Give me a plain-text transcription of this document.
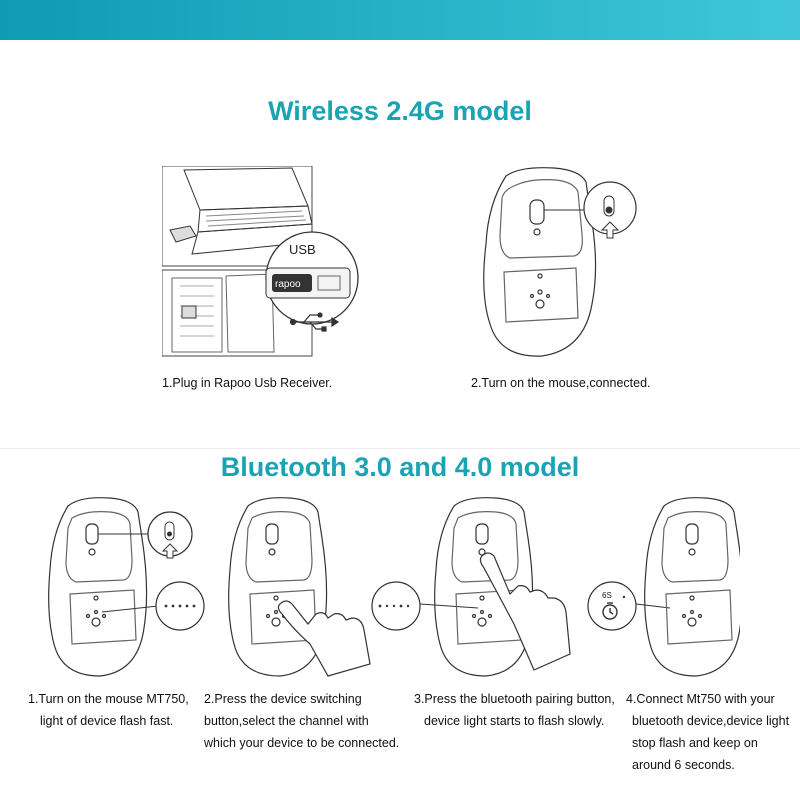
Wireless 2.4G model
USB
rapoo
1.Plug in Rapoo Usb Receiver.	2.Turn on the mouse,connected.
Bluetooth 3.0 and 4.0 model
6S
1.Turn on the mouse MT750,
light of device flash fast.
2.Press the device switching
button,select the channel with
which your device to be connected.
3.Press the bluetooth pairing button,
device light starts to flash slowly.
4.Connect Mt750 with your
bluetooth device,device light
stop flash and keep on
around 6 seconds.
